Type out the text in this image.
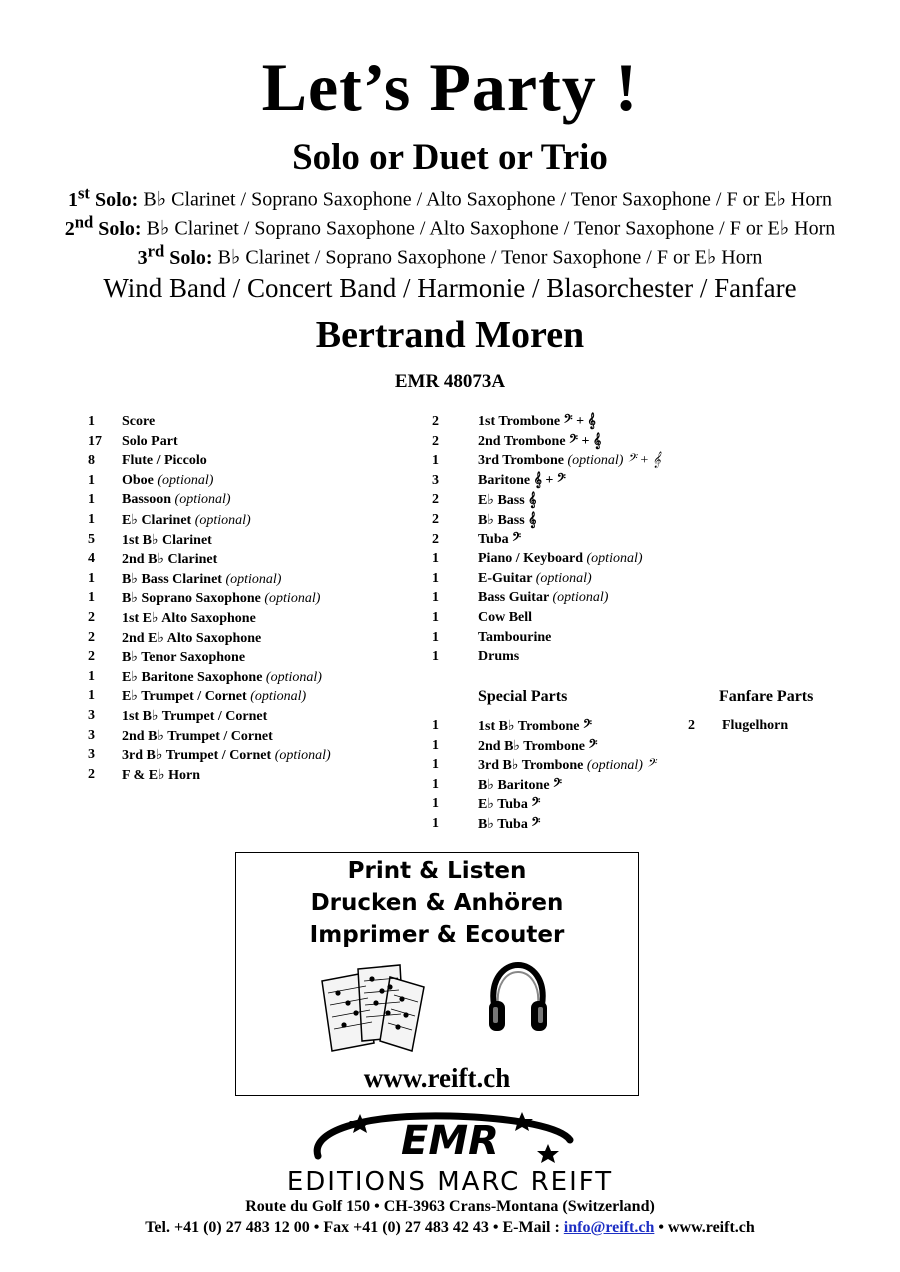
Let’s Party !
Solo or Duet or Trio
1st Solo: B♭ Clarinet / Soprano Saxophone / Alto Saxophone / Tenor Saxophone / F or E♭ Horn
2nd Solo: B♭ Clarinet / Soprano Saxophone / Alto Saxophone / Tenor Saxophone / F or E♭ Horn
3rd Solo: B♭ Clarinet / Soprano Saxophone / Tenor Saxophone / F or E♭ Horn
Wind Band / Concert Band / Harmonie / Blasorchester / Fanfare
Bertrand Moren
EMR 48073A
1	Score
17	Solo Part
8	Flute / Piccolo
1	Oboe (optional)
1	Bassoon (optional)
1	E♭ Clarinet (optional)
5	1st B♭ Clarinet
4	2nd B♭ Clarinet
1	B♭ Bass Clarinet (optional)
1	B♭ Soprano Saxophone (optional)
2	1st E♭ Alto Saxophone
2	2nd E♭ Alto Saxophone
2	B♭ Tenor Saxophone
1	E♭ Baritone Saxophone (optional)
1	E♭ Trumpet / Cornet (optional)
3	1st B♭ Trumpet / Cornet
3	2nd B♭ Trumpet / Cornet
3	3rd B♭ Trumpet / Cornet (optional)
2	F & E♭ Horn
2	1st Trombone 𝄢 + 𝄞
2	2nd Trombone 𝄢 + 𝄞
1	3rd Trombone (optional) 𝄢 + 𝄞
3	Baritone 𝄞 + 𝄢
2	E♭ Bass 𝄞
2	B♭ Bass 𝄞
2	Tuba 𝄢
1	Piano / Keyboard (optional)
1	E-Guitar (optional)
1	Bass Guitar (optional)
1	Cow Bell
1	Tambourine
1	Drums
Special Parts
1	1st B♭ Trombone 𝄢
1	2nd B♭ Trombone 𝄢
1	3rd B♭ Trombone (optional) 𝄢
1	B♭ Baritone 𝄢
1	E♭ Tuba 𝄢
1	B♭ Tuba 𝄢
Fanfare Parts
2	Flugelhorn
Print & Listen
Drucken & Anhören
Imprimer & Ecouter
www.reift.ch
EMR
EDITIONS MARC REIFT
Route du Golf 150 • CH-3963 Crans-Montana (Switzerland)
Tel. +41 (0) 27 483 12 00 • Fax +41 (0) 27 483 42 43 • E-Mail : info@reift.ch • www.reift.ch
